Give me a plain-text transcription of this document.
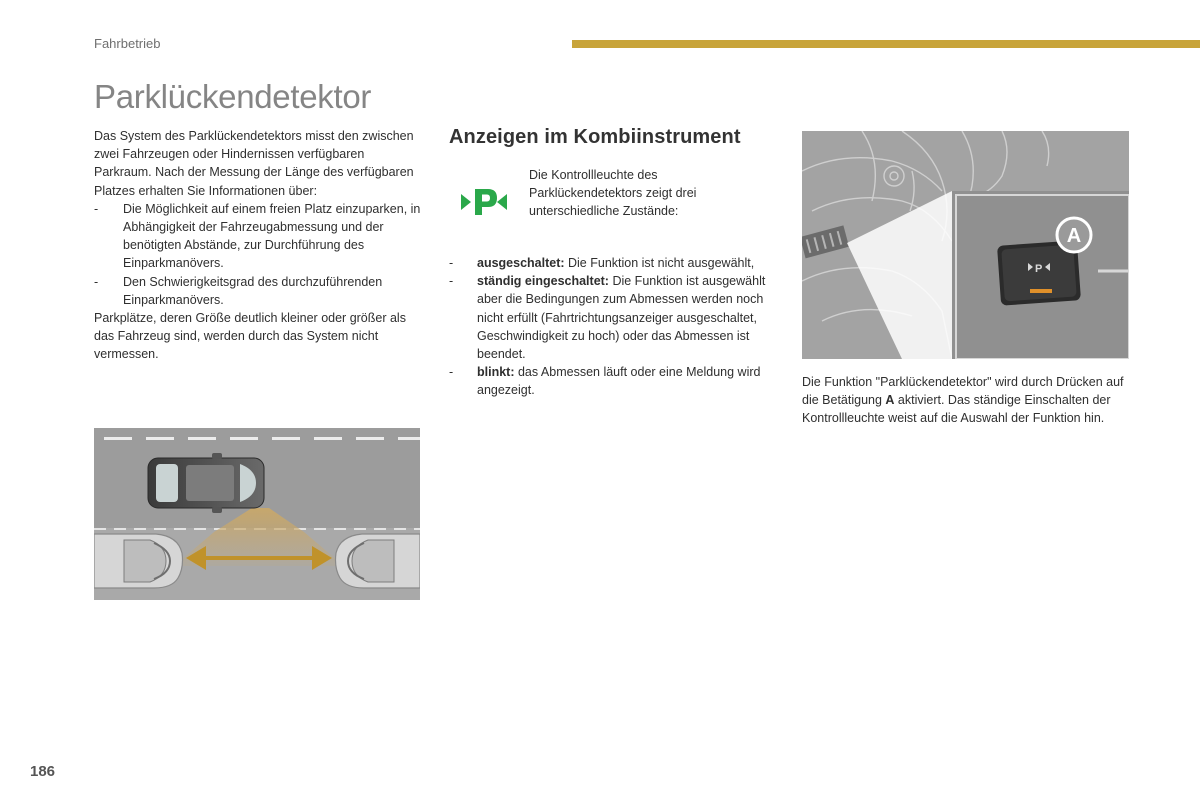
Fahrbetrieb
Parklückendetektor

Das System des Parklückendetektors misst den zwischen zwei Fahrzeugen oder Hindernissen verfügbaren Parkraum. Nach der Messung der Länge des verfügbaren Platzes erhalten Sie Informationen über:

- Die Möglichkeit auf einem freien Platz einzuparken, in Abhängigkeit der Fahrzeugabmessung und der benötigten Abstände, zur Durchführung des Einparkmanövers.
- Den Schwierigkeitsgrad des durchzuführenden Einparkmanövers.

Parkplätze, deren Größe deutlich kleiner oder größer als das Fahrzeug sind, werden durch das System nicht vermessen.

Anzeigen im Kombiinstrument
Die Kontrollleuchte des Parklückendetektors zeigt drei unterschiedliche Zustände:
- ausgeschaltet: Die Funktion ist nicht ausgewählt,
- ständig eingeschaltet: Die Funktion ist ausgewählt aber die Bedingungen zum Abmessen werden noch nicht erfüllt (Fahrtrichtungsanzeiger ausgeschaltet, Geschwindigkeit zu hoch) oder das Abmessen ist beendet.
- blinkt: das Abmessen läuft oder eine Meldung wird angezeigt.
P
A

Die Funktion "Parklückendetektor" wird durch Drücken auf die Betätigung A aktiviert. Das ständige Einschalten der Kontrollleuchte weist auf die Auswahl der Funktion hin.

186
